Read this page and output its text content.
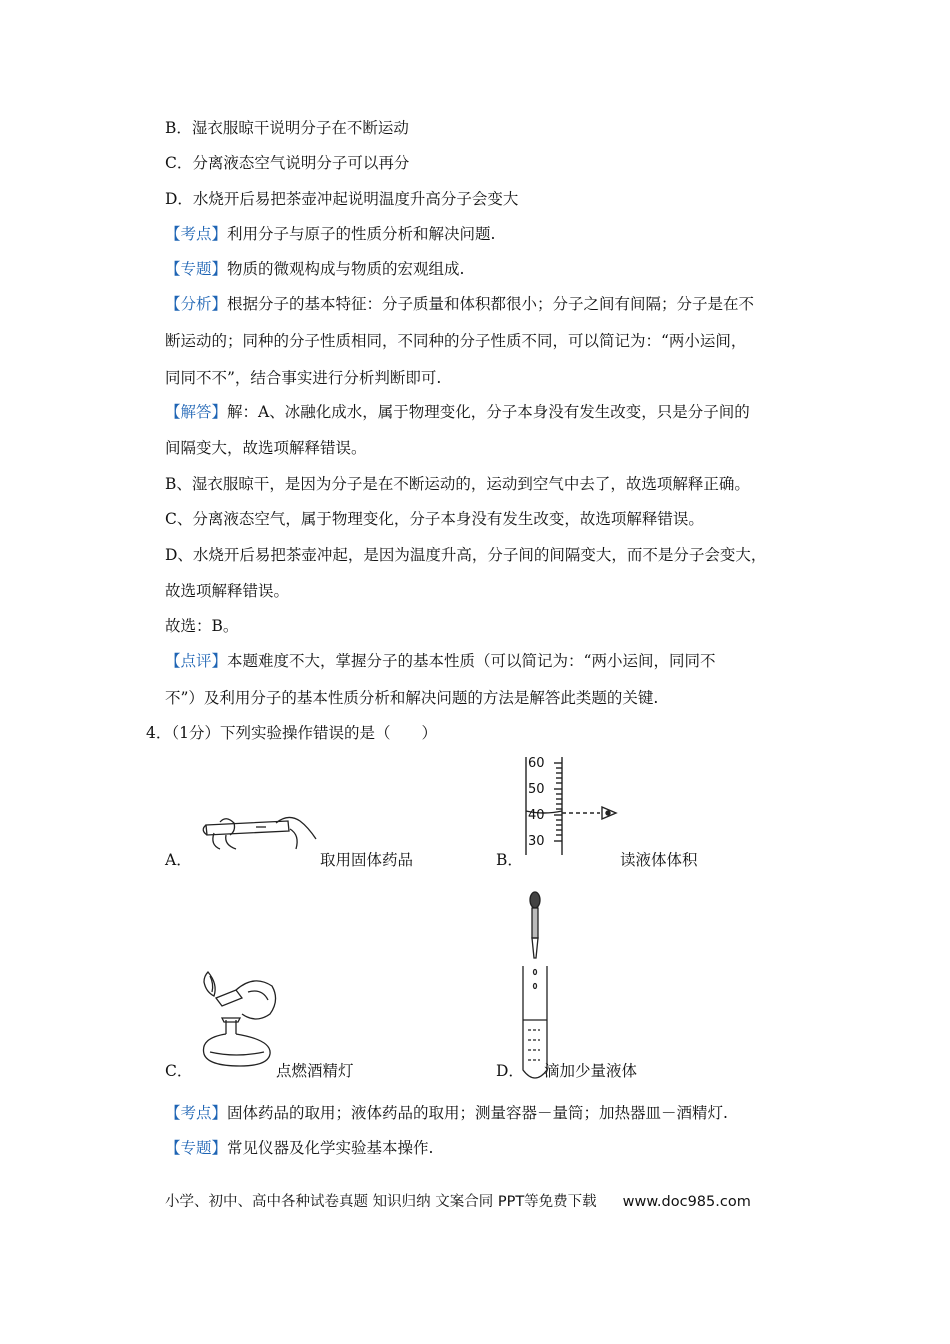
B．湿衣服晾干说明分子在不断运动
C．分离液态空气说明分子可以再分
D．水烧开后易把茶壶冲起说明温度升高分子会变大
【考点】利用分子与原子的性质分析和解决问题.
【专题】物质的微观构成与物质的宏观组成.
【分析】根据分子的基本特征：分子质量和体积都很小；分子之间有间隔；分子是在不
断运动的；同种的分子性质相同，不同种的分子性质不同，可以简记为：“两小运间，
同同不不”，结合事实进行分析判断即可.
【解答】解：A、冰融化成水，属于物理变化，分子本身没有发生改变，只是分子间的
间隔变大，故选项解释错误。
B、湿衣服晾干，是因为分子是在不断运动的，运动到空气中去了，故选项解释正确。
C、分离液态空气，属于物理变化，分子本身没有发生改变，故选项解释错误。
D、水烧开后易把茶壶冲起，是因为温度升高，分子间的间隔变大，而不是分子会变大，
故选项解释错误。
故选：B。
【点评】本题难度不大，掌握分子的基本性质（可以简记为：“两小运间，同同不
不”）及利用分子的基本性质分析和解决问题的方法是解答此类题的关键.
4．（1分）下列实验操作错误的是（　　）
A．	取用固体药品
60
50
40
30
B．	读液体体积
C．	点燃酒精灯	D． 滴加少量液体
【考点】固体药品的取用；液体药品的取用；测量容器－量筒；加热器皿－酒精灯.
【专题】常见仪器及化学实验基本操作.
小学、初中、高中各种试卷真题 知识归纳 文案合同 PPT等免费下载 www.doc985.com
